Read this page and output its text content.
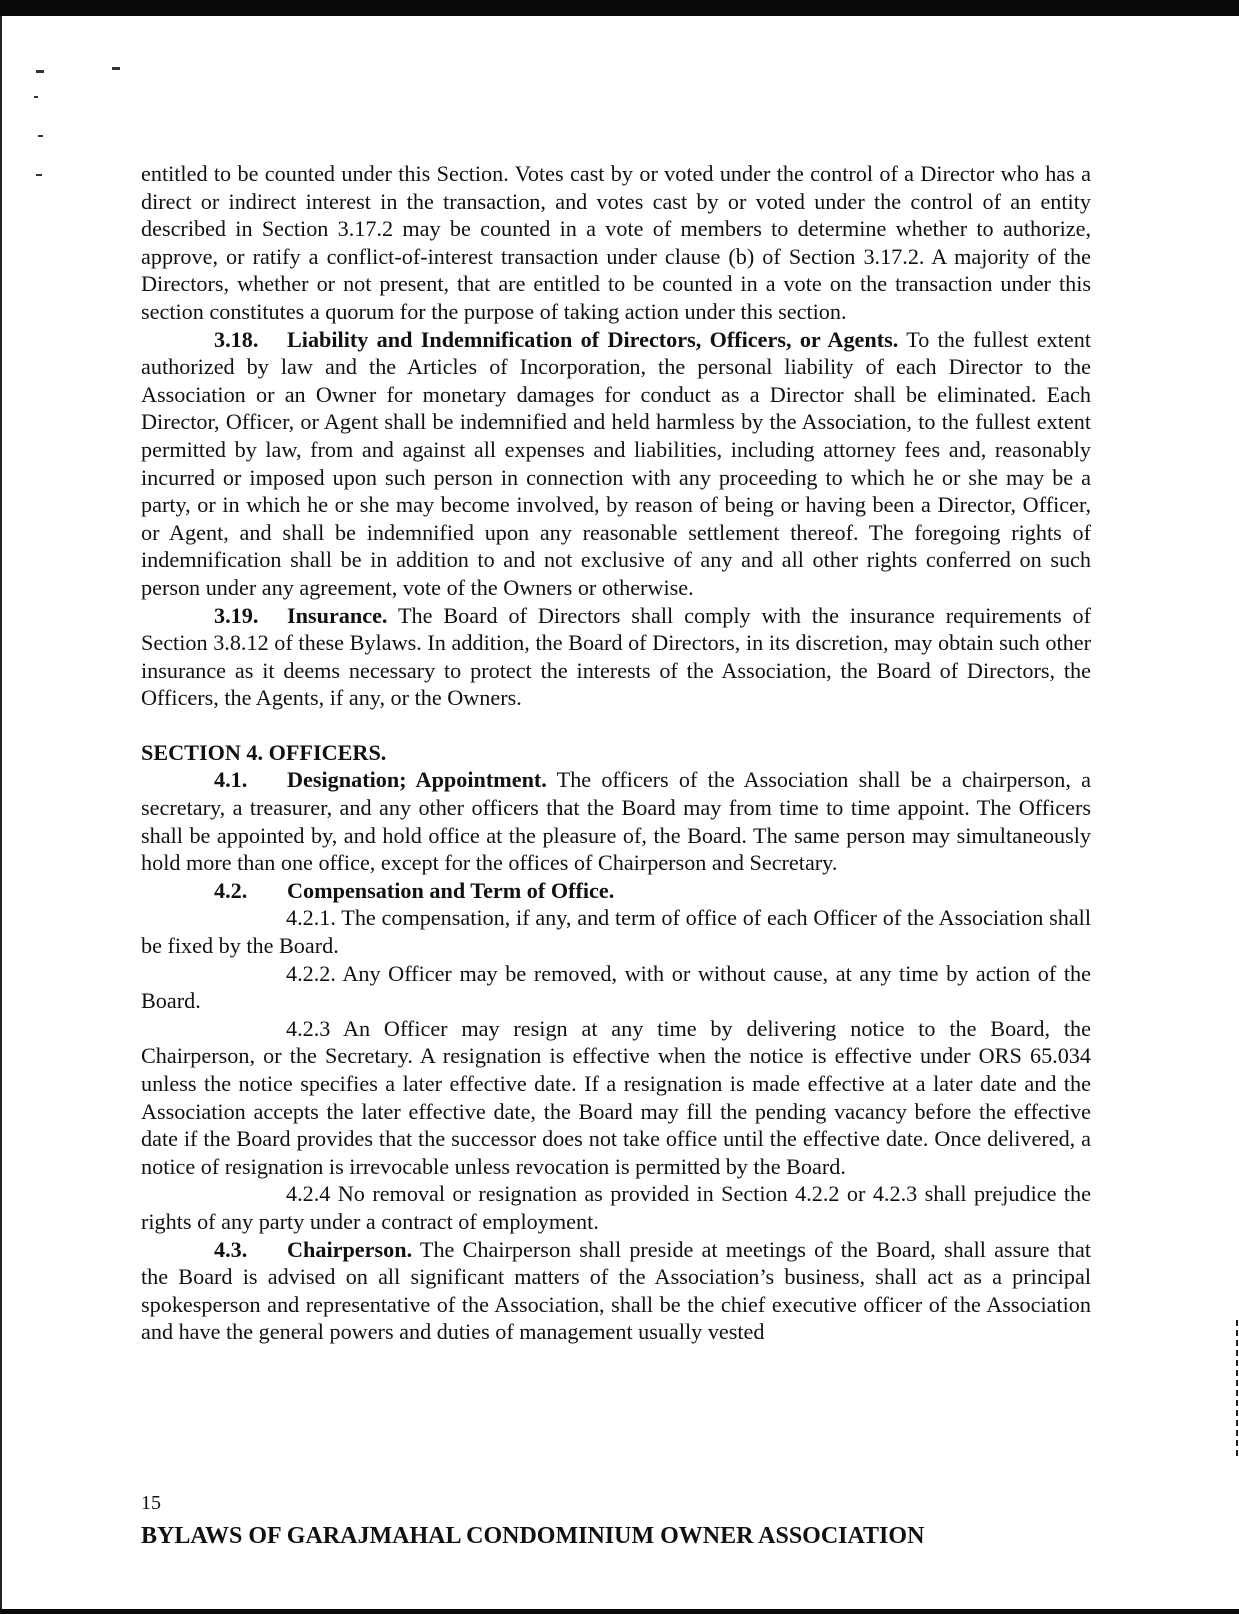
entitled to be counted under this Section. Votes cast by or voted under the control of a Director who has a direct or indirect interest in the transaction, and votes cast by or voted under the control of an entity described in Section 3.17.2 may be counted in a vote of members to determine whether to authorize, approve, or ratify a conflict-of-interest transaction under clause (b) of Section 3.17.2. A majority of the Directors, whether or not present, that are entitled to be counted in a vote on the transaction under this section constitutes a quorum for the purpose of taking action under this section.

3.18. Liability and Indemnification of Directors, Officers, or Agents. To the fullest extent authorized by law and the Articles of Incorporation, the personal liability of each Director to the Association or an Owner for monetary damages for conduct as a Director shall be eliminated. Each Director, Officer, or Agent shall be indemnified and held harmless by the Association, to the fullest extent permitted by law, from and against all expenses and liabilities, including attorney fees and, reasonably incurred or imposed upon such person in connection with any proceeding to which he or she may be a party, or in which he or she may become involved, by reason of being or having been a Director, Officer, or Agent, and shall be indemnified upon any reasonable settlement thereof. The foregoing rights of indemnification shall be in addition to and not exclusive of any and all other rights conferred on such person under any agreement, vote of the Owners or otherwise.

3.19. Insurance. The Board of Directors shall comply with the insurance requirements of Section 3.8.12 of these Bylaws. In addition, the Board of Directors, in its discretion, may obtain such other insurance as it deems necessary to protect the interests of the Association, the Board of Directors, the Officers, the Agents, if any, or the Owners.

SECTION 4. OFFICERS.

4.1. Designation; Appointment. The officers of the Association shall be a chairperson, a secretary, a treasurer, and any other officers that the Board may from time to time appoint. The Officers shall be appointed by, and hold office at the pleasure of, the Board. The same person may simultaneously hold more than one office, except for the offices of Chairperson and Secretary.

4.2. Compensation and Term of Office.

4.2.1. The compensation, if any, and term of office of each Officer of the Association shall be fixed by the Board.

4.2.2. Any Officer may be removed, with or without cause, at any time by action of the Board.

4.2.3 An Officer may resign at any time by delivering notice to the Board, the Chairperson, or the Secretary. A resignation is effective when the notice is effective under ORS 65.034 unless the notice specifies a later effective date. If a resignation is made effective at a later date and the Association accepts the later effective date, the Board may fill the pending vacancy before the effective date if the Board provides that the successor does not take office until the effective date. Once delivered, a notice of resignation is irrevocable unless revocation is permitted by the Board.

4.2.4 No removal or resignation as provided in Section 4.2.2 or 4.2.3 shall prejudice the rights of any party under a contract of employment.

4.3. Chairperson. The Chairperson shall preside at meetings of the Board, shall assure that the Board is advised on all significant matters of the Association’s business, shall act as a principal spokesperson and representative of the Association, shall be the chief executive officer of the Association and have the general powers and duties of management usually vested

15
BYLAWS OF GARAJMAHAL CONDOMINIUM OWNER ASSOCIATION
